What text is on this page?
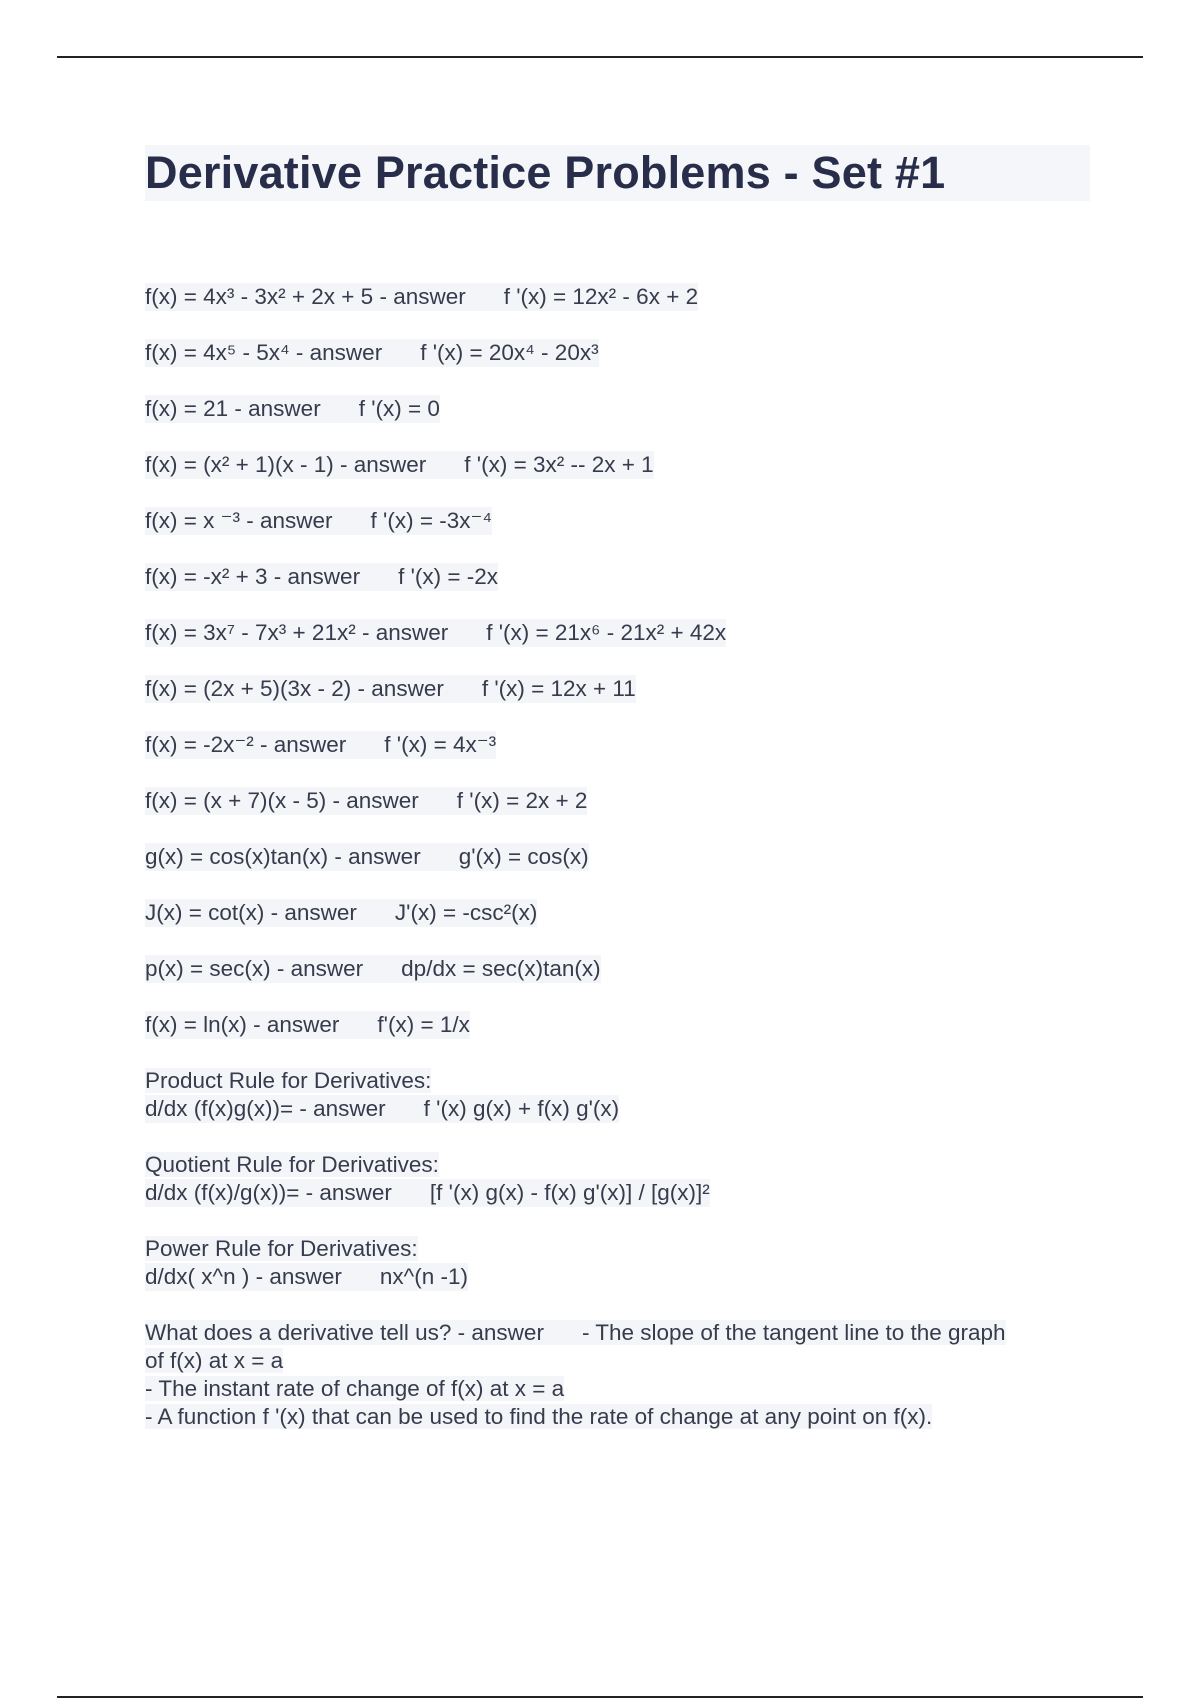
Derivative Practice Problems - Set #1
f(x) = 4x³ - 3x² + 2x + 5 - answer f '(x) = 12x² - 6x + 2
f(x) = 4x⁵ - 5x⁴ - answer f '(x) = 20x⁴ - 20x³
f(x) = 21 - answer f '(x) = 0
f(x) = (x² + 1)(x - 1) - answer f '(x) = 3x² -- 2x + 1
f(x) = x ⁻³ - answer f '(x) = -3x⁻⁴
f(x) = -x² + 3 - answer f '(x) = -2x
f(x) = 3x⁷ - 7x³ + 21x² - answer f '(x) = 21x⁶ - 21x² + 42x
f(x) = (2x + 5)(3x - 2) - answer f '(x) = 12x + 11
f(x) = -2x⁻² - answer f '(x) = 4x⁻³
f(x) = (x + 7)(x - 5) - answer f '(x) = 2x + 2
g(x) = cos(x)tan(x) - answer g'(x) = cos(x)
J(x) = cot(x) - answer J'(x) = -csc²(x)
p(x) = sec(x) - answer dp/dx = sec(x)tan(x)
f(x) = ln(x) - answer f'(x) = 1/x
Product Rule for Derivatives:
d/dx (f(x)g(x))= - answer f '(x) g(x) + f(x) g'(x)
Quotient Rule for Derivatives:
d/dx (f(x)/g(x))= - answer [f '(x) g(x) - f(x) g'(x)] / [g(x)]²
Power Rule for Derivatives:
d/dx( x^n ) - answer nx^(n -1)
What does a derivative tell us? - answer - The slope of the tangent line to the graph
of f(x) at x = a
- The instant rate of change of f(x) at x = a
- A function f '(x) that can be used to find the rate of change at any point on f(x).
